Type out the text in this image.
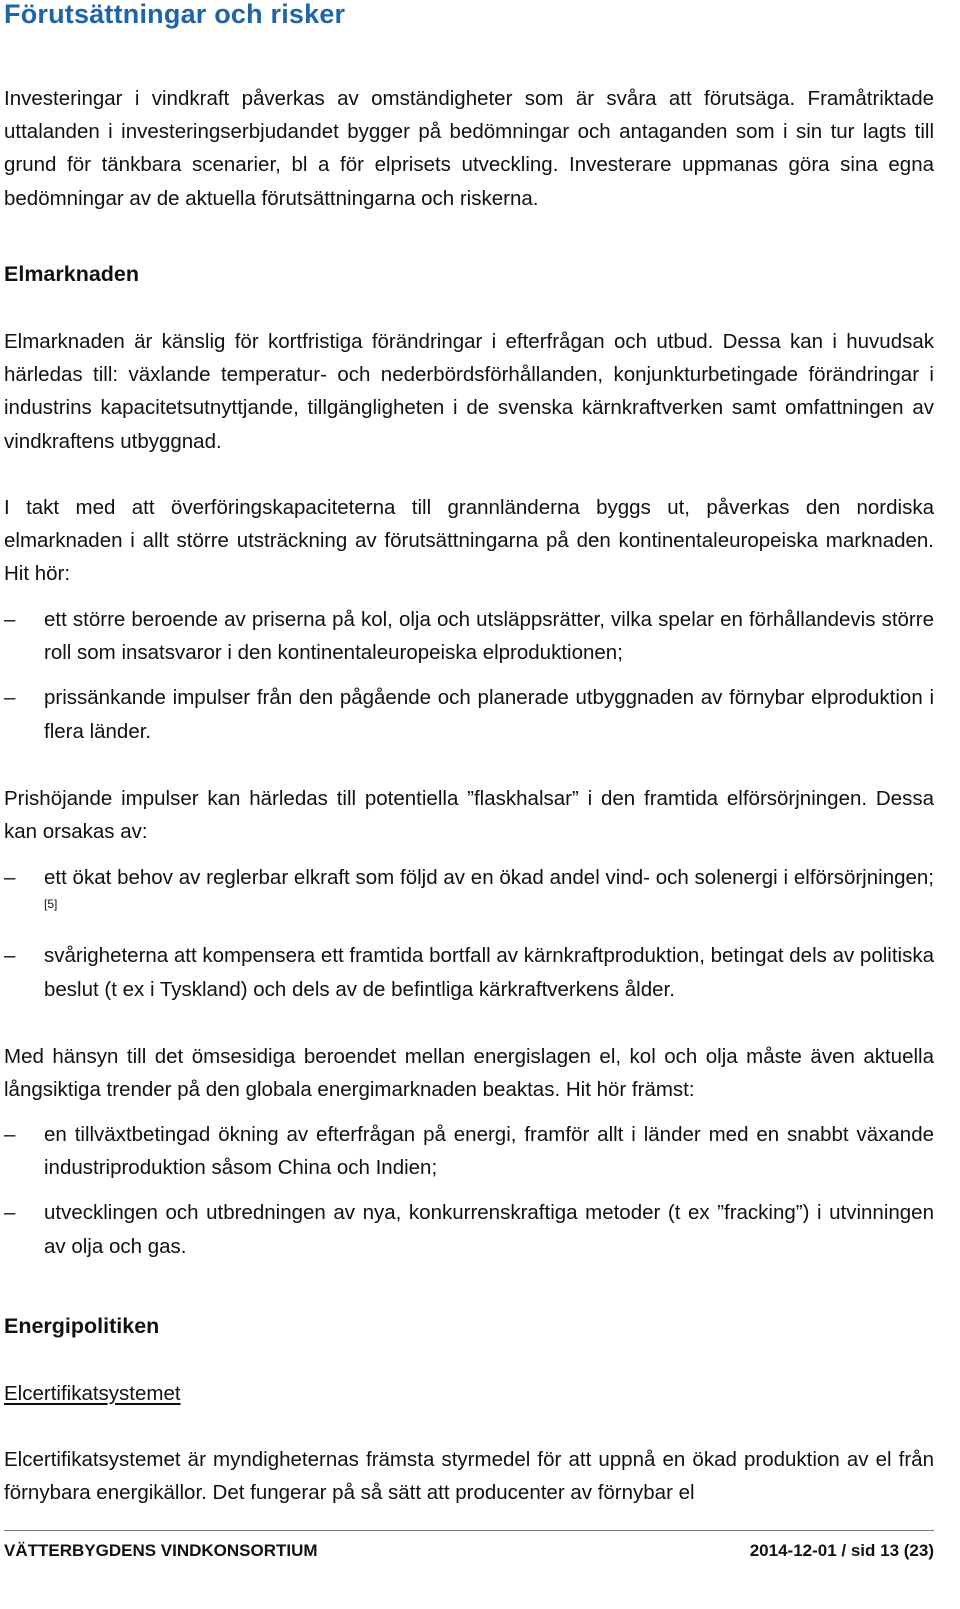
Förutsättningar och risker

Investeringar i vindkraft påverkas av omständigheter som är svåra att förutsäga. Framåtriktade uttalanden i investeringserbjudandet bygger på bedömningar och antaganden som i sin tur lagts till grund för tänkbara scenarier, bl a för elprisets utveckling. Investerare uppmanas göra sina egna bedömningar av de aktuella förutsättningarna och riskerna.

Elmarknaden

Elmarknaden är känslig för kortfristiga förändringar i efterfrågan och utbud. Dessa kan i huvudsak härledas till: växlande temperatur- och nederbördsförhållanden, konjunkturbetingade förändringar i industrins kapacitetsutnyttjande, tillgängligheten i de svenska kärnkraftverken samt omfattningen av vindkraftens utbyggnad.

I takt med att överföringskapaciteterna till grannländerna byggs ut, påverkas den nordiska elmarknaden i allt större utsträckning av förutsättningarna på den kontinentaleuropeiska marknaden. Hit hör:

–	ett större beroende av priserna på kol, olja och utsläppsrätter, vilka spelar en förhållandevis större roll som insatsvaror i den kontinentaleuropeiska elproduktionen;
–	prissänkande impulser från den pågående och planerade utbyggnaden av förnybar elproduktion i flera länder.

Prishöjande impulser kan härledas till potentiella ”flaskhalsar” i den framtida elförsörjningen. Dessa kan orsakas av:

–	ett ökat behov av reglerbar elkraft som följd av en ökad andel vind- och solenergi i elförsörjningen;[5]
–	svårigheterna att kompensera ett framtida bortfall av kärnkraftproduktion, betingat dels av politiska beslut (t ex i Tyskland) och dels av de befintliga kärkraftverkens ålder.

Med hänsyn till det ömsesidiga beroendet mellan energislagen el, kol och olja måste även aktuella långsiktiga trender på den globala energimarknaden beaktas. Hit hör främst:

–	en tillväxtbetingad ökning av efterfrågan på energi, framför allt i länder med en snabbt växande industriproduktion såsom China och Indien;
–	utvecklingen och utbredningen av nya, konkurrenskraftiga metoder (t ex ”fracking”) i utvinningen av olja och gas.
Energipolitiken
Elcertifikatsystemet

Elcertifikatsystemet är myndigheternas främsta styrmedel för att uppnå en ökad produktion av el från förnybara energikällor. Det fungerar på så sätt att producenter av förnybar el

VÄTTERBYGDENS VINDKONSORTIUM	2014-12-01 / sid 13 (23)
